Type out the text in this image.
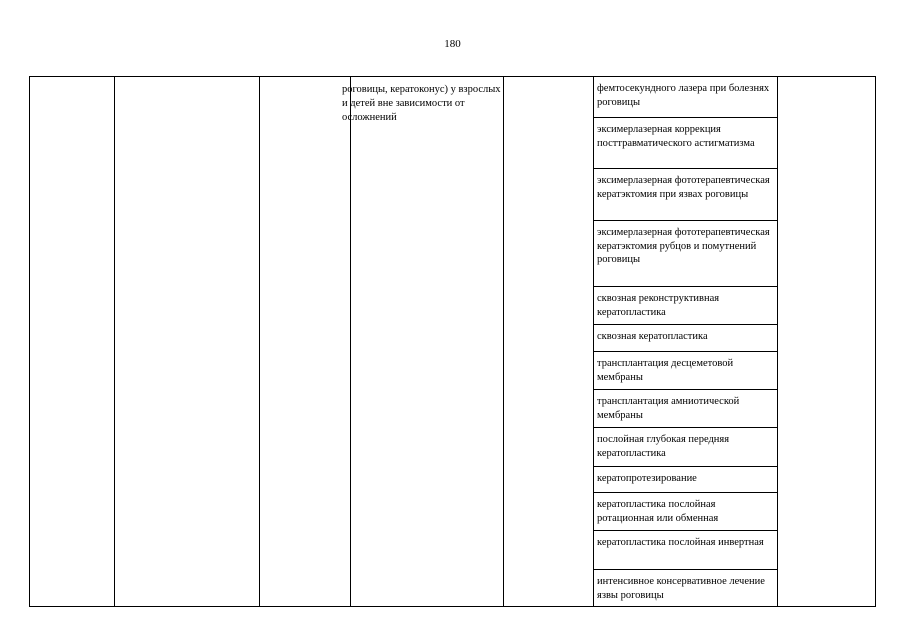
180

роговицы, кератоконус) у взрослых и детей вне зависимости от осложнений

фемтосекундного лазера при болезнях роговицы
эксимерлазерная коррекция посттравматического астигматизма
эксимерлазерная фототерапевтическая кератэктомия при язвах роговицы
эксимерлазерная фототерапевтическая кератэктомия рубцов и помутнений роговицы
сквозная реконструктивная кератопластика
сквозная кератопластика
трансплантация десцеметовой мембраны
трансплантация амниотической мембраны
послойная глубокая передняя кератопластика
кератопротезирование
кератопластика послойная ротационная или обменная
кератопластика послойная инвертная
интенсивное консервативное лечение язвы роговицы
